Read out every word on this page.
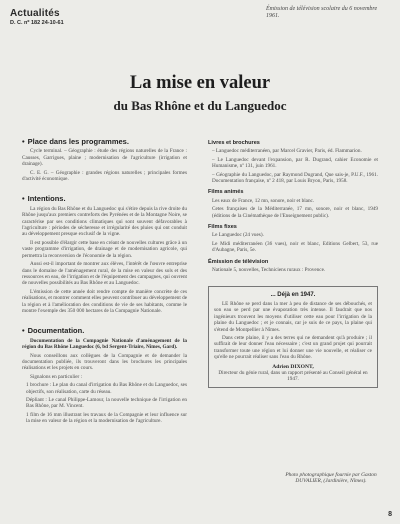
Actualités
D. C. nº 182 24-10-61
Émission de télévision scolaire du 6 novembre 1961.
La mise en valeur
du Bas Rhône et du Languedoc
• Place dans les programmes.

Cycle terminal. – Géographie : étude des régions naturelles de la France : Causses, Garrigues, plaine ; modernisation de l'agriculture (irrigation et drainage).

C. E. G. – Géographie : grandes régions naturelles ; principales formes d'activité économique.

• Intentions.

La région du Bas Rhône et du Languedoc qui s'étire depuis la rive droite du Rhône jusqu'aux premiers contreforts des Pyrénées et de la Montagne Noire, se caractérise par ses conditions climatiques qui sont souvent défavorables à l'agriculture : périodes de sécheresse et irrégularité des pluies qui ont conduit au développement presque exclusif de la vigne.

Il est possible d'élargir cette base en créant de nouvelles cultures grâce à un vaste programme d'irrigation, de drainage et de modernisation agricole, qui permettra la reconversion de l'économie de la région.

Aussi est-il important de montrer aux élèves, l'intérêt de l'œuvre entreprise dans le domaine de l'aménagement rural, de la mise en valeur des sols et des ressources en eau, de l'irrigation et de l'équipement des campagnes, qui ouvrent de nouvelles possibilités au Bas Rhône et au Languedoc.

L'émission de cette année doit rendre compte de manière concrète de ces réalisations, et montrer comment elles peuvent contribuer au développement de la région et à l'amélioration des conditions de vie de ses habitants, comme le montre l'exemple des 350 000 hectares de la Compagnie Nationale.

• Documentation.

Documentation de la Compagnie Nationale d'aménagement de la région du Bas Rhône Languedoc (6, bd Sergent-Triaire, Nîmes, Gard).

Nous conseillons aux collègues de la Compagnie et de demander la documentation publiée, ils trouveront dans les brochures les principales réalisations et les projets en cours.

Signalons en particulier :

1 brochure : Le plan du canal d'irrigation du Bas Rhône et du Languedoc, ses objectifs, son réalisation, carte du réseau.

Dépliant : Le canal Philippe-Lamour, la nouvelle technique de l'irrigation en Bas Rhône, par M. Vincent.

1 film de 16 mm illustrant les travaux de la Compagnie et leur influence sur la mise en valeur de la région et la modernisation de l'agriculture.

Livres et brochures

– Languedoc méditerranéen, par Marcel Gravier, Paris, éd. Flammarion.

– Le Languedoc devant l'expansion, par R. Dugrand, cahier Economie et Humanisme, nº 131, juin 1961.

– Géographie du Languedoc, par Raymond Dugrand, Que sais-je, P.U.F., 1961. Documentation française, nº 2 418, par Louis Bryon, Paris, 1958.

Films animés

Les eaux de France, 12 mn, sonore, noir et blanc.

Cetes françaises de la Méditerranée, 17 mn, sonore, noir et blanc, 1949 (éditions de la Cinémathèque de l'Enseignement public).

Films fixes

Le Languedoc (24 vues).

Le Midi méditerranéen (36 vues), noir et blanc, Editions Gelbert, 53, rue d'Aubagne, Paris, 5e.

Émission de télévision

Nationale 5, nouvelles, Techniciens ruraux : Provence.

... Déjà en 1947.

LE Rhône se perd dans la mer à peu de distance de ses débouchés, et son eau se perd par une évaporation très intense. Il faudrait que nos ingénieurs trouvent les moyens d'utiliser cette eau pour l'irrigation de la plaine du Languedoc ; et je connais, car je suis de ce pays, la plaine qui s'étend de Montpellier à Nîmes.

Dans cette plaine, il y a des terres qui ne demandent qu'à produire ; il suffirait de leur donner l'eau nécessaire ; c'est un grand projet qui pourrait transformer toute une région et lui donner une vie nouvelle, et réaliser ce qu'elle ne pourrait réaliser sans l'eau du Rhône.

Adrien DIXONT,
Directeur du génie rural, dans un rapport présenté au Conseil général en 1947.
Photo photographique fournie par Gaston DUVALIER, (Jardinière, Nîmes).
8
